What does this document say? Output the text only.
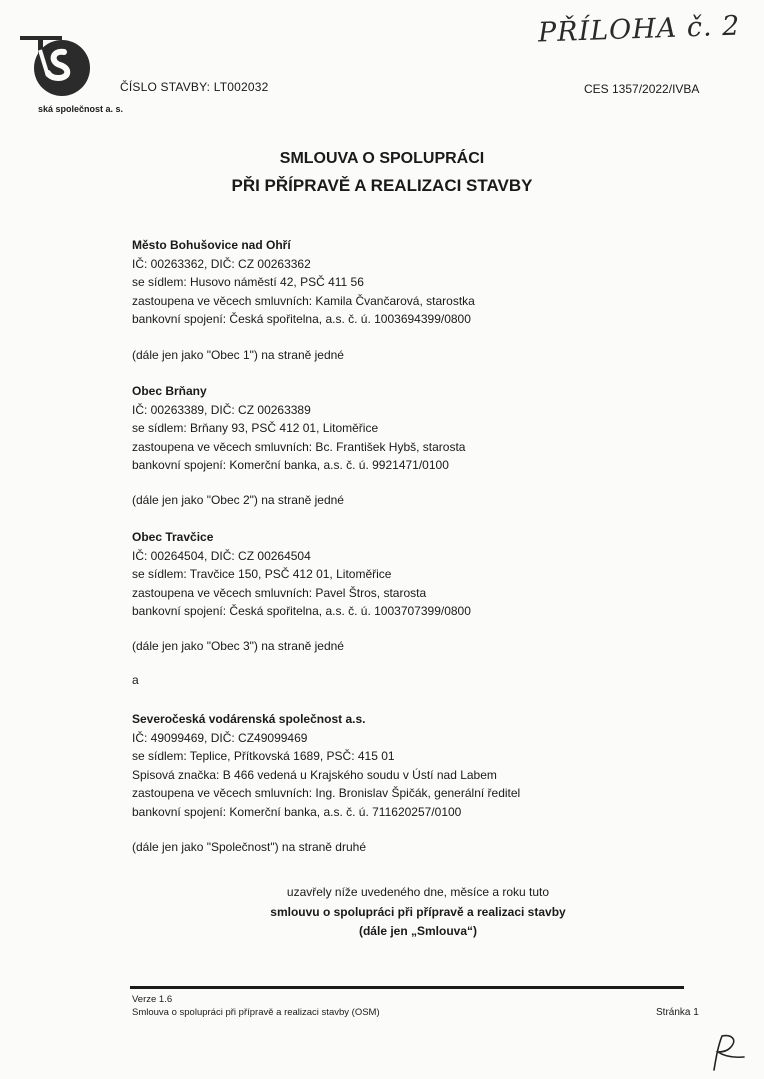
ská společnost a. s.
PŘÍLOHA č. 2
ČÍSLO STAVBY: LT002032	CES 1357/2022/IVBA
SMLOUVA O SPOLUPRÁCI
PŘI PŘÍPRAVĚ A REALIZACI STAVBY
Město Bohušovice nad Ohří
IČ: 00263362, DIČ: CZ 00263362
se sídlem: Husovo náměstí 42, PSČ 411 56
zastoupena ve věcech smluvních: Kamila Čvančarová, starostka
bankovní spojení: Česká spořitelna, a.s. č. ú. 1003694399/0800
(dále jen jako "Obec 1") na straně jedné
Obec Brňany
IČ: 00263389, DIČ: CZ 00263389
se sídlem: Brňany 93, PSČ 412 01, Litoměřice
zastoupena ve věcech smluvních: Bc. František Hybš, starosta
bankovní spojení: Komerční banka, a.s. č. ú. 9921471/0100
(dále jen jako "Obec 2") na straně jedné
Obec Travčice
IČ: 00264504, DIČ: CZ 00264504
se sídlem: Travčice 150, PSČ 412 01, Litoměřice
zastoupena ve věcech smluvních: Pavel Štros, starosta
bankovní spojení: Česká spořitelna, a.s. č. ú. 1003707399/0800
(dále jen jako "Obec 3") na straně jedné
a
Severočeská vodárenská společnost a.s.
IČ: 49099469, DIČ: CZ49099469
se sídlem: Teplice, Přítkovská 1689, PSČ: 415 01
Spisová značka: B 466 vedená u Krajského soudu v Ústí nad Labem
zastoupena ve věcech smluvních: Ing. Bronislav Špičák, generální ředitel
bankovní spojení: Komerční banka, a.s. č. ú. 711620257/0100
(dále jen jako "Společnost") na straně druhé
uzavřely níže uvedeného dne, měsíce a roku tuto
smlouvu o spolupráci při přípravě a realizaci stavby
(dále jen „Smlouva“)
Verze 1.6
Smlouva o spolupráci při přípravě a realizaci stavby (OSM)	Stránka 1
